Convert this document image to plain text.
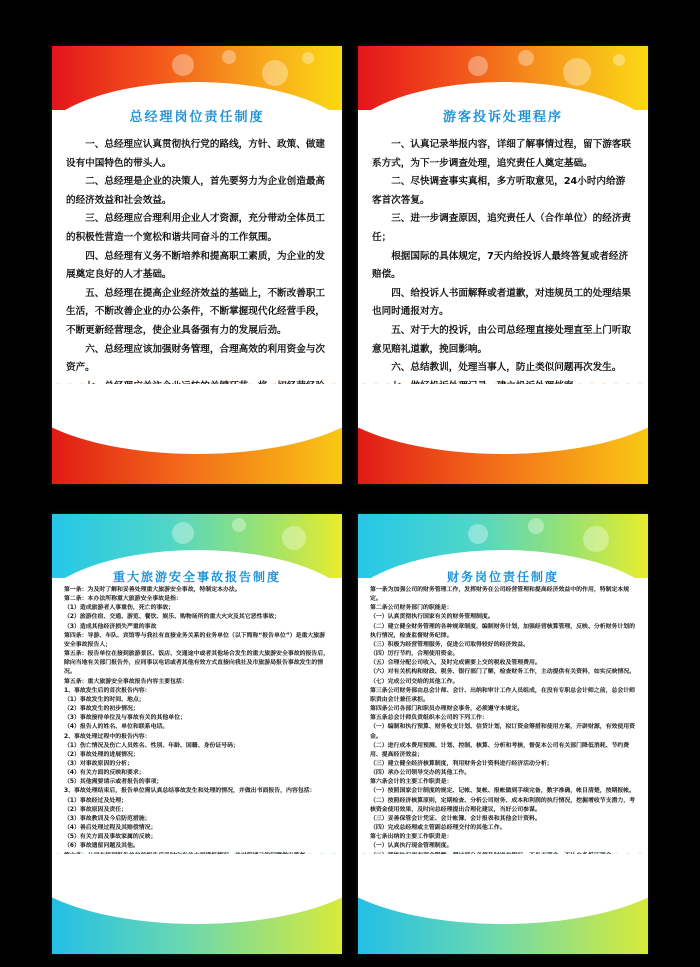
总经理岗位责任制度

一、总经理应认真贯彻执行党的路线，方针、政策、做建设有中国特色的带头人。

二、总经理是企业的决策人，首先要努力为企业创造最高的经济效益和社会效益。

三、总经理应合理利用企业人才资源，充分带动全体员工的积极性营造一个宽松和谐共同奋斗的工作氛围。

四、总经理有义务不断培养和提高职工素质，为企业的发展奠定良好的人才基础。

五、总经理在提高企业经济效益的基础上，不断改善职工生活，不断改善企业的办公条件，不断掌握现代化经营手段，不断更新经营理念，使企业具备强有力的发展后劲。

六、总经理应该加强财务管理，合理高效的利用资金与次资产。

游客投诉处理程序

一、认真记录举报内容，详细了解事情过程，留下游客联系方式，为下一步调查处理，追究责任人奠定基础。

二、尽快调查事实真相，多方听取意见，24小时内给游客首次答复。

三、进一步调查原因，追究责任人（合作单位）的经济责任；

根据国际的具体规定，7天内给投诉人最终答复或者经济赔偿。

四、给投诉人书面解释或者道歉，对违规员工的处理结果也同时通报对方。

五、对于大的投诉，由公司总经理直接处理直至上门听取意见赔礼道歉，挽回影响。

六、总结教训，处理当事人，防止类似问题再次发生。

重大旅游安全事故报告制度

第一条：为及时了解和妥善处理重大旅游安全事故，特制定本办法。

第二条：本办法所称重大旅游安全事故是指：

（1）造成旅游者人事重伤，死亡的事故；

（2）旅游住宿、交通、游览、餐饮、娱乐、购物场所的重大火灾及其它恶性事故；

（3）造成其他经济损失严重的事故

第四条：导游、车队、宾馆等与我社有直接业务关系的业务单位（以下简称“报告单位”）是重大旅游安全事故报告人；

第五条：报告单位在接到旅游景区、饭店、交通途中或者其他场合发生的重大旅游安全事故的报告后，除向当地有关部门报告外，应同事以电话或者其他有效方式直接向我社及市旅游局报告事故发生的情况。

第五条：重大旅游安全事故报告内容主要包括：

1、事故发生后的首次报告内容：

（1）事故发生的时间、地点；

（2）事故发生的初步情况；

（3）事故接待单位及与事故有关的其他单位；

（4）报告人的姓名、单位和联系电话。

2、事故处理过程中的报告内容：

（1）伤亡情况及伤亡人员姓名、性别、年龄、国籍、身份证号码；

（2）事故处理的进展情况；

（3）对事故原因的分析；

（4）有关方面的反映和要求；

（5）其他需要请示或者报告的事项；

3、事故处理结束后，报告单位需认真总结事故发生和处理的情况，并做出书面报告，内容包括：

（1）事故经过及处理；

（2）事故原因及责任；

（3）事故教训及今后防范措施；

（4）善后处理过程及其赔偿情况；

（5）有关方面及事故家属的反映；

（6）事故遗留问题及其他。

财务岗位责任制度

第一条为加强公司的财务管理工作，发挥财务在公司经营管理和提高经济效益中的作用，特制定本规定。

第二条公司财务部门的职能是：

（一）认真贯彻执行国家有关的财务管理制度。

（二）建立健全财务管理的各种规章制度，编制财务计划，加强经营核算管理，反映、分析财务计划的执行情况，检查监督财务纪律。

（三）积极为经营管理服务，促进公司取得较好的经济效益。

（四）厉行节约，合理使用资金。

（五）合理分配公司收入，及时完成需要上交的税收及管理费用。

（六）对有关机构和财政、税务、银行部门了解，检查财务工作，主动提供有关资料，如实反映情况。

（七）完成公司交给的其他工作。

第三条公司财务部由总会计师、会计、出纳和审计工作人员组成，在没有专职总会计师之前，总会计师职责由会计兼任承担。

第四条公司各部门和职员办理财会事务，必须遵守本规定。

第五条总会计师负责组织本公司的下列工作：

（一）编制和执行预算、财务收支计划、信贷计划，拟订资金筹措和使用方案，开辟财源，有效使用资金。

（二）进行成本费用预测、计划、控制、核算、分析和考核，督促本公司有关部门降低消耗、节约费用、提高经济效益；

（三）建立健全经济核算制度，利用财务会计资料进行经济活动分析；

（四）承办公司领导交办的其他工作。

第六条会计的主要工作职责是：

（一）按照国家会计制度的规定、记帐、复帐、报帐做到手续完备，数字准确，帐目清楚，按期报帐。

（二）按照经济核算原则，定期检查、分析公司财务、成本和利润的执行情况，挖掘增收节支潜力，考核资金使用效果，及时向总经理提出合理化建议，当好公司参谋。

（三）妥善保管会计凭证、会计帐簿、会计报表和其他会计资料。

（四）完成总经理或主管副总经理交付的其他工作。

第七条出纳的主要工作职责是：

（一）认真执行现金管理制度。
